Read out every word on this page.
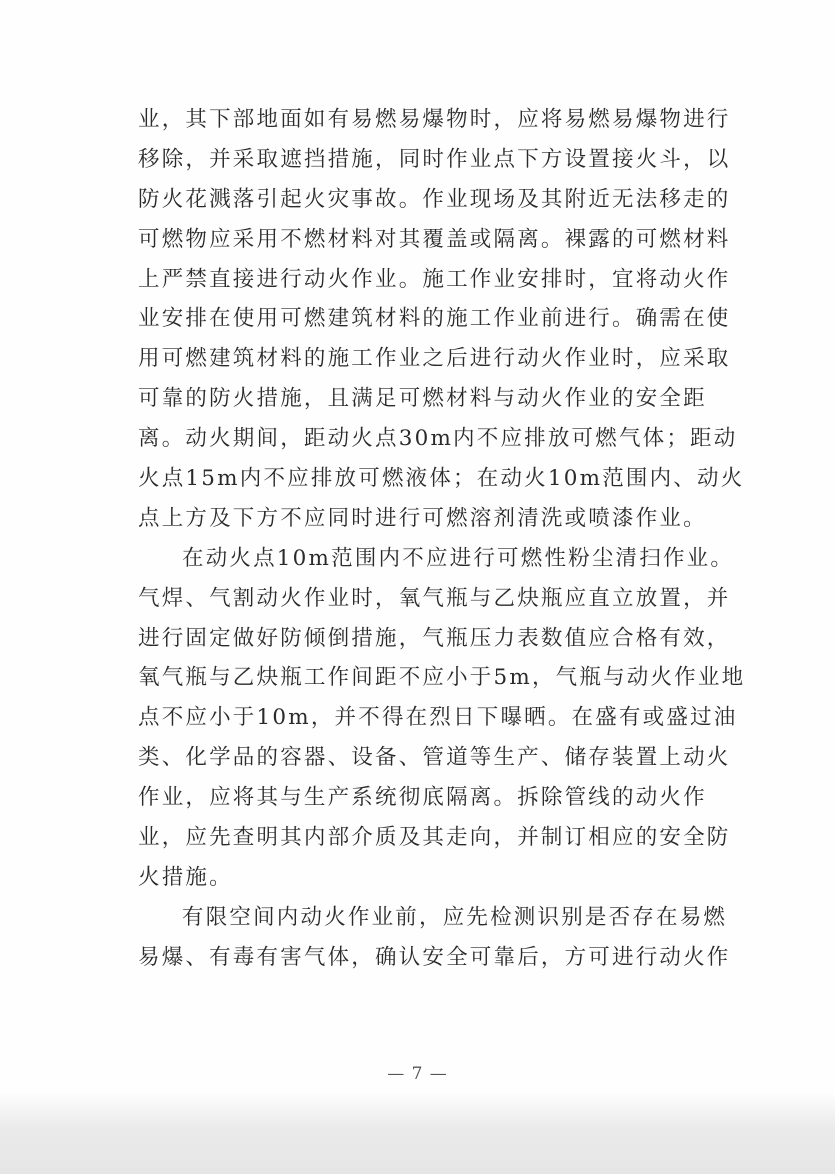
业，其下部地面如有易燃易爆物时，应将易燃易爆物进行
移除，并采取遮挡措施，同时作业点下方设置接火斗，以
防火花溅落引起火灾事故。作业现场及其附近无法移走的
可燃物应采用不燃材料对其覆盖或隔离。裸露的可燃材料
上严禁直接进行动火作业。施工作业安排时，宜将动火作
业安排在使用可燃建筑材料的施工作业前进行。确需在使
用可燃建筑材料的施工作业之后进行动火作业时，应采取
可靠的防火措施，且满足可燃材料与动火作业的安全距
离。动火期间，距动火点30m内不应排放可燃气体；距动
火点15m内不应排放可燃液体；在动火10m范围内、动火
点上方及下方不应同时进行可燃溶剂清洗或喷漆作业。
在动火点10m范围内不应进行可燃性粉尘清扫作业。
气焊、气割动火作业时，氧气瓶与乙炔瓶应直立放置，并
进行固定做好防倾倒措施，气瓶压力表数值应合格有效，
氧气瓶与乙炔瓶工作间距不应小于5m，气瓶与动火作业地
点不应小于10m，并不得在烈日下曝晒。在盛有或盛过油
类、化学品的容器、设备、管道等生产、储存装置上动火
作业，应将其与生产系统彻底隔离。拆除管线的动火作
业，应先查明其内部介质及其走向，并制订相应的安全防
火措施。
有限空间内动火作业前，应先检测识别是否存在易燃
易爆、有毒有害气体，确认安全可靠后，方可进行动火作
— 7 —
